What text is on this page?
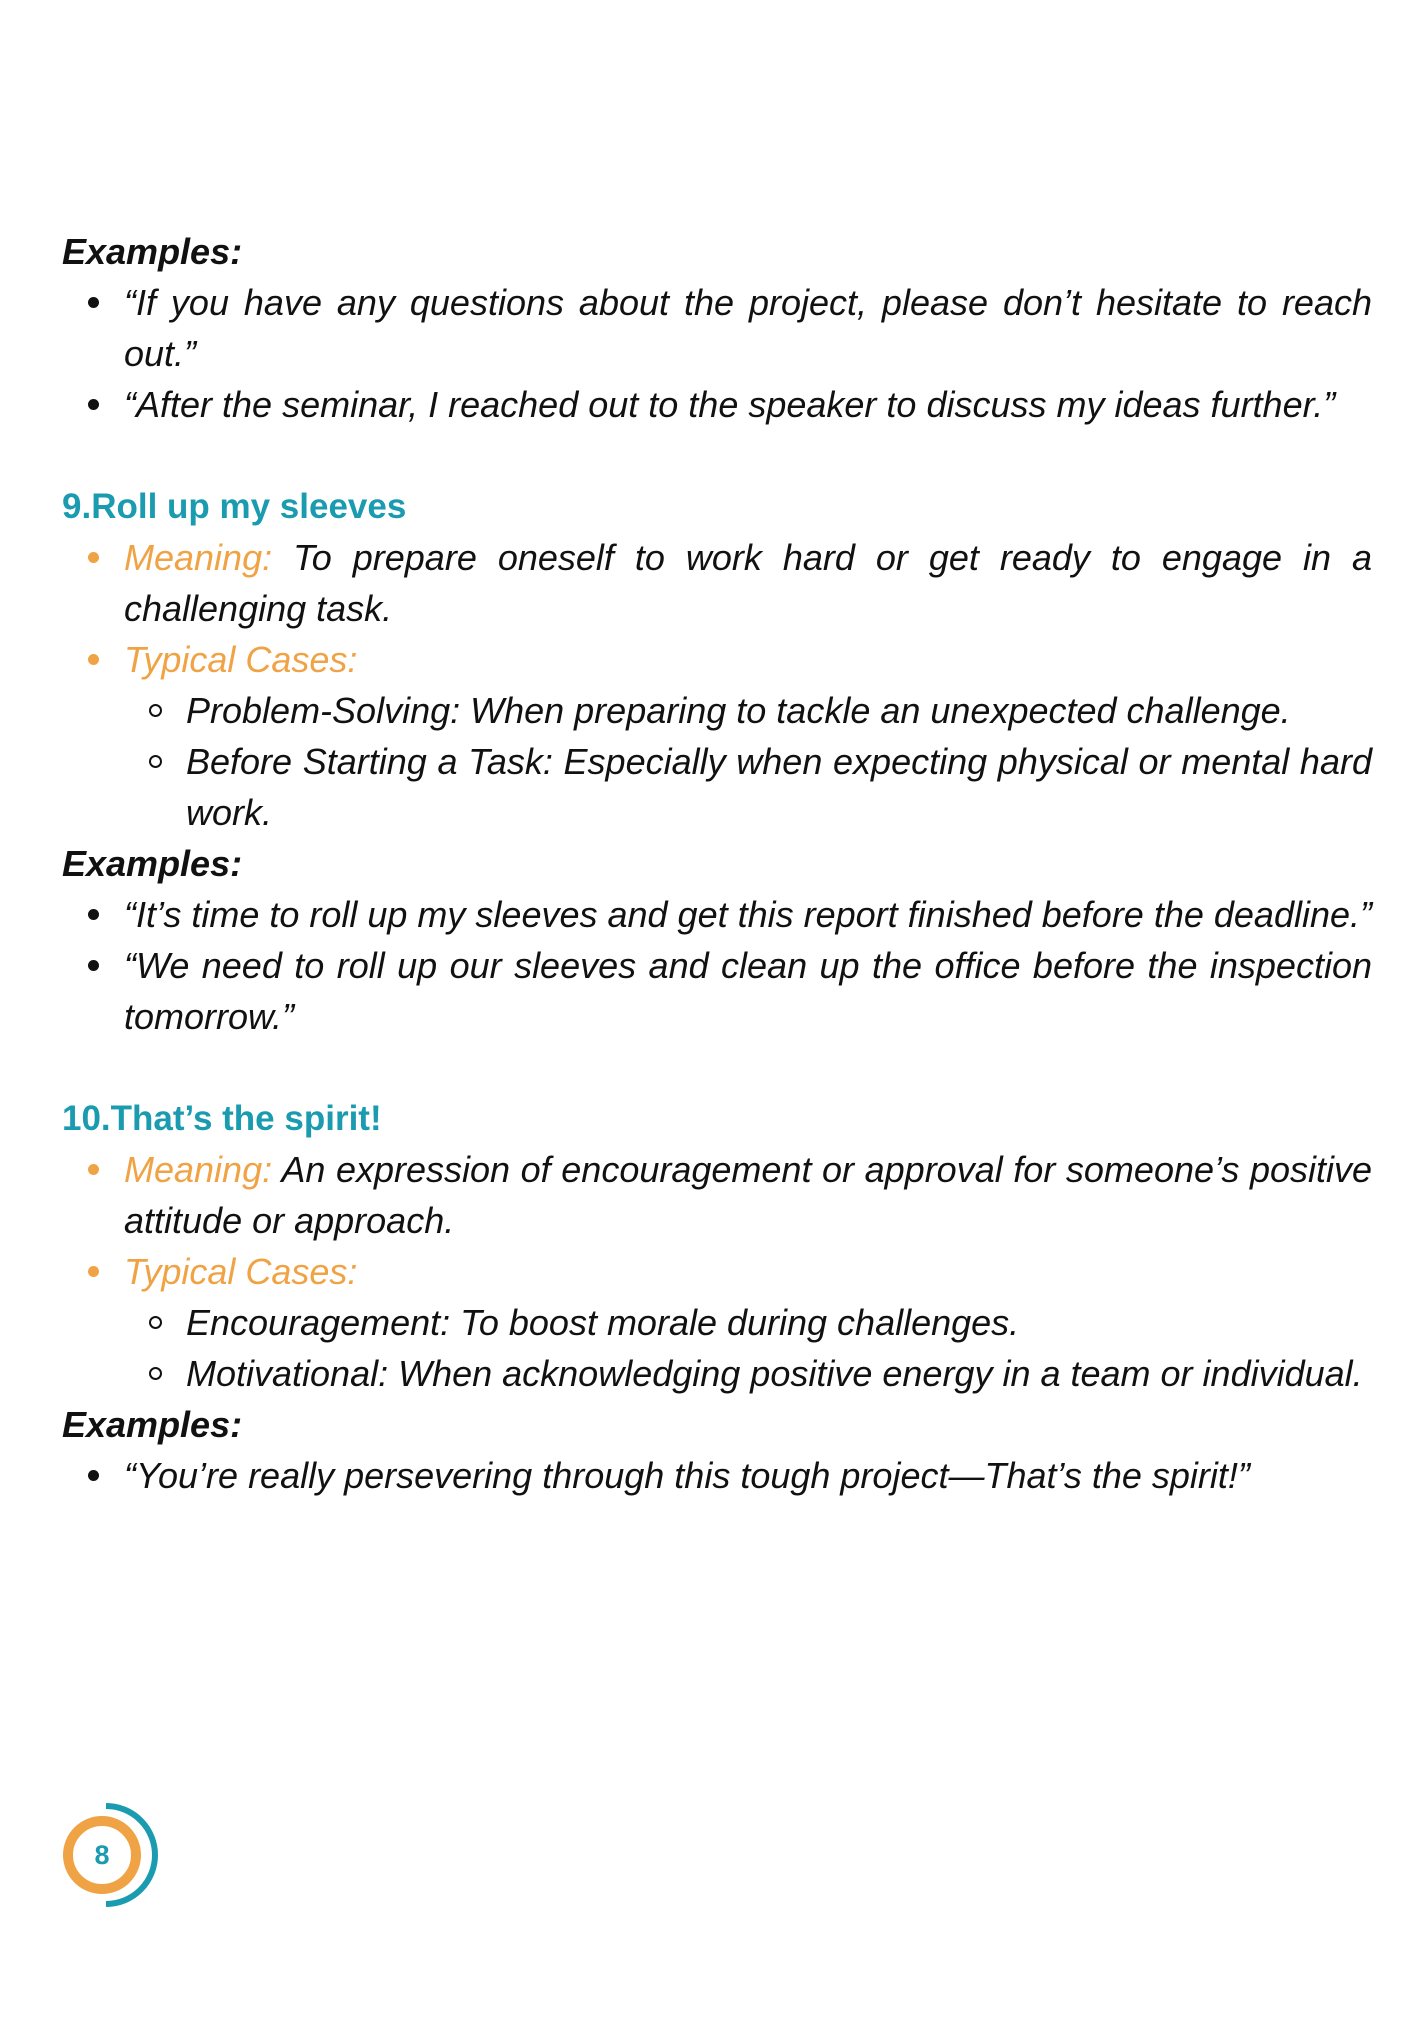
Examples:
“If you have any questions about the project, please don’t hesitate to reach out.”
“After the seminar, I reached out to the speaker to discuss my ideas further.”
9.Roll up my sleeves
Meaning: To prepare oneself to work hard or get ready to engage in a challenging task.
Typical Cases:
Problem-Solving: When preparing to tackle an unexpected challenge.
Before Starting a Task: Especially when expecting physical or mental hard work.
Examples:
“It’s time to roll up my sleeves and get this report finished before the deadline.”
“We need to roll up our sleeves and clean up the office before the inspection tomorrow.”
10.That’s the spirit!
Meaning: An expression of encouragement or approval for someone’s positive attitude or approach.
Typical Cases:
Encouragement: To boost morale during challenges.
Motivational: When acknowledging positive energy in a team or individual.
Examples:
“You’re really persevering through this tough project—That’s the spirit!”
8
